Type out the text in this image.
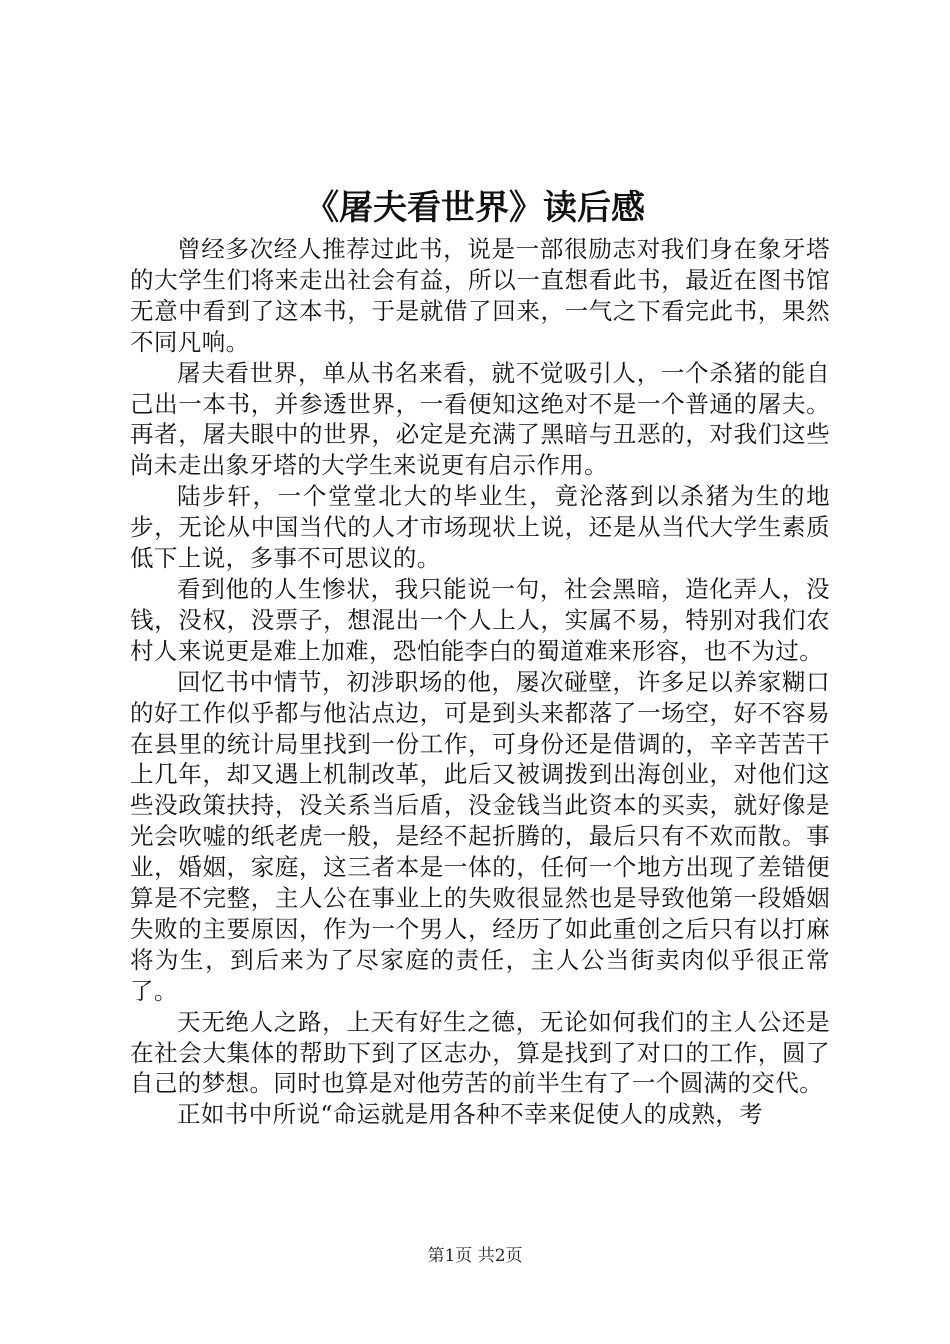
《屠夫看世界》读后感

曾经多次经人推荐过此书，说是一部很励志对我们身在象牙塔的大学生们将来走出社会有益，所以一直想看此书，最近在图书馆无意中看到了这本书，于是就借了回来，一气之下看完此书，果然不同凡响。

屠夫看世界，单从书名来看，就不觉吸引人，一个杀猪的能自己出一本书，并参透世界，一看便知这绝对不是一个普通的屠夫。再者，屠夫眼中的世界，必定是充满了黑暗与丑恶的，对我们这些尚未走出象牙塔的大学生来说更有启示作用。

陆步轩，一个堂堂北大的毕业生，竟沦落到以杀猪为生的地步，无论从中国当代的人才市场现状上说，还是从当代大学生素质低下上说，多事不可思议的。

看到他的人生惨状，我只能说一句，社会黑暗，造化弄人，没钱，没权，没票子，想混出一个人上人，实属不易，特别对我们农村人来说更是难上加难，恐怕能李白的蜀道难来形容，也不为过。

回忆书中情节，初涉职场的他，屡次碰壁，许多足以养家糊口的好工作似乎都与他沾点边，可是到头来都落了一场空，好不容易在县里的统计局里找到一份工作，可身份还是借调的，辛辛苦苦干上几年，却又遇上机制改革，此后又被调拨到出海创业，对他们这些没政策扶持，没关系当后盾，没金钱当此资本的买卖，就好像是光会吹嘘的纸老虎一般，是经不起折腾的，最后只有不欢而散。事业，婚姻，家庭，这三者本是一体的，任何一个地方出现了差错便算是不完整，主人公在事业上的失败很显然也是导致他第一段婚姻失败的主要原因，作为一个男人，经历了如此重创之后只有以打麻将为生，到后来为了尽家庭的责任，主人公当街卖肉似乎很正常了。

天无绝人之路，上天有好生之德，无论如何我们的主人公还是在社会大集体的帮助下到了区志办，算是找到了对口的工作，圆了自己的梦想。同时也算是对他劳苦的前半生有了一个圆满的交代。

正如书中所说“命运就是用各种不幸来促使人的成熟，考

第1页 共2页
